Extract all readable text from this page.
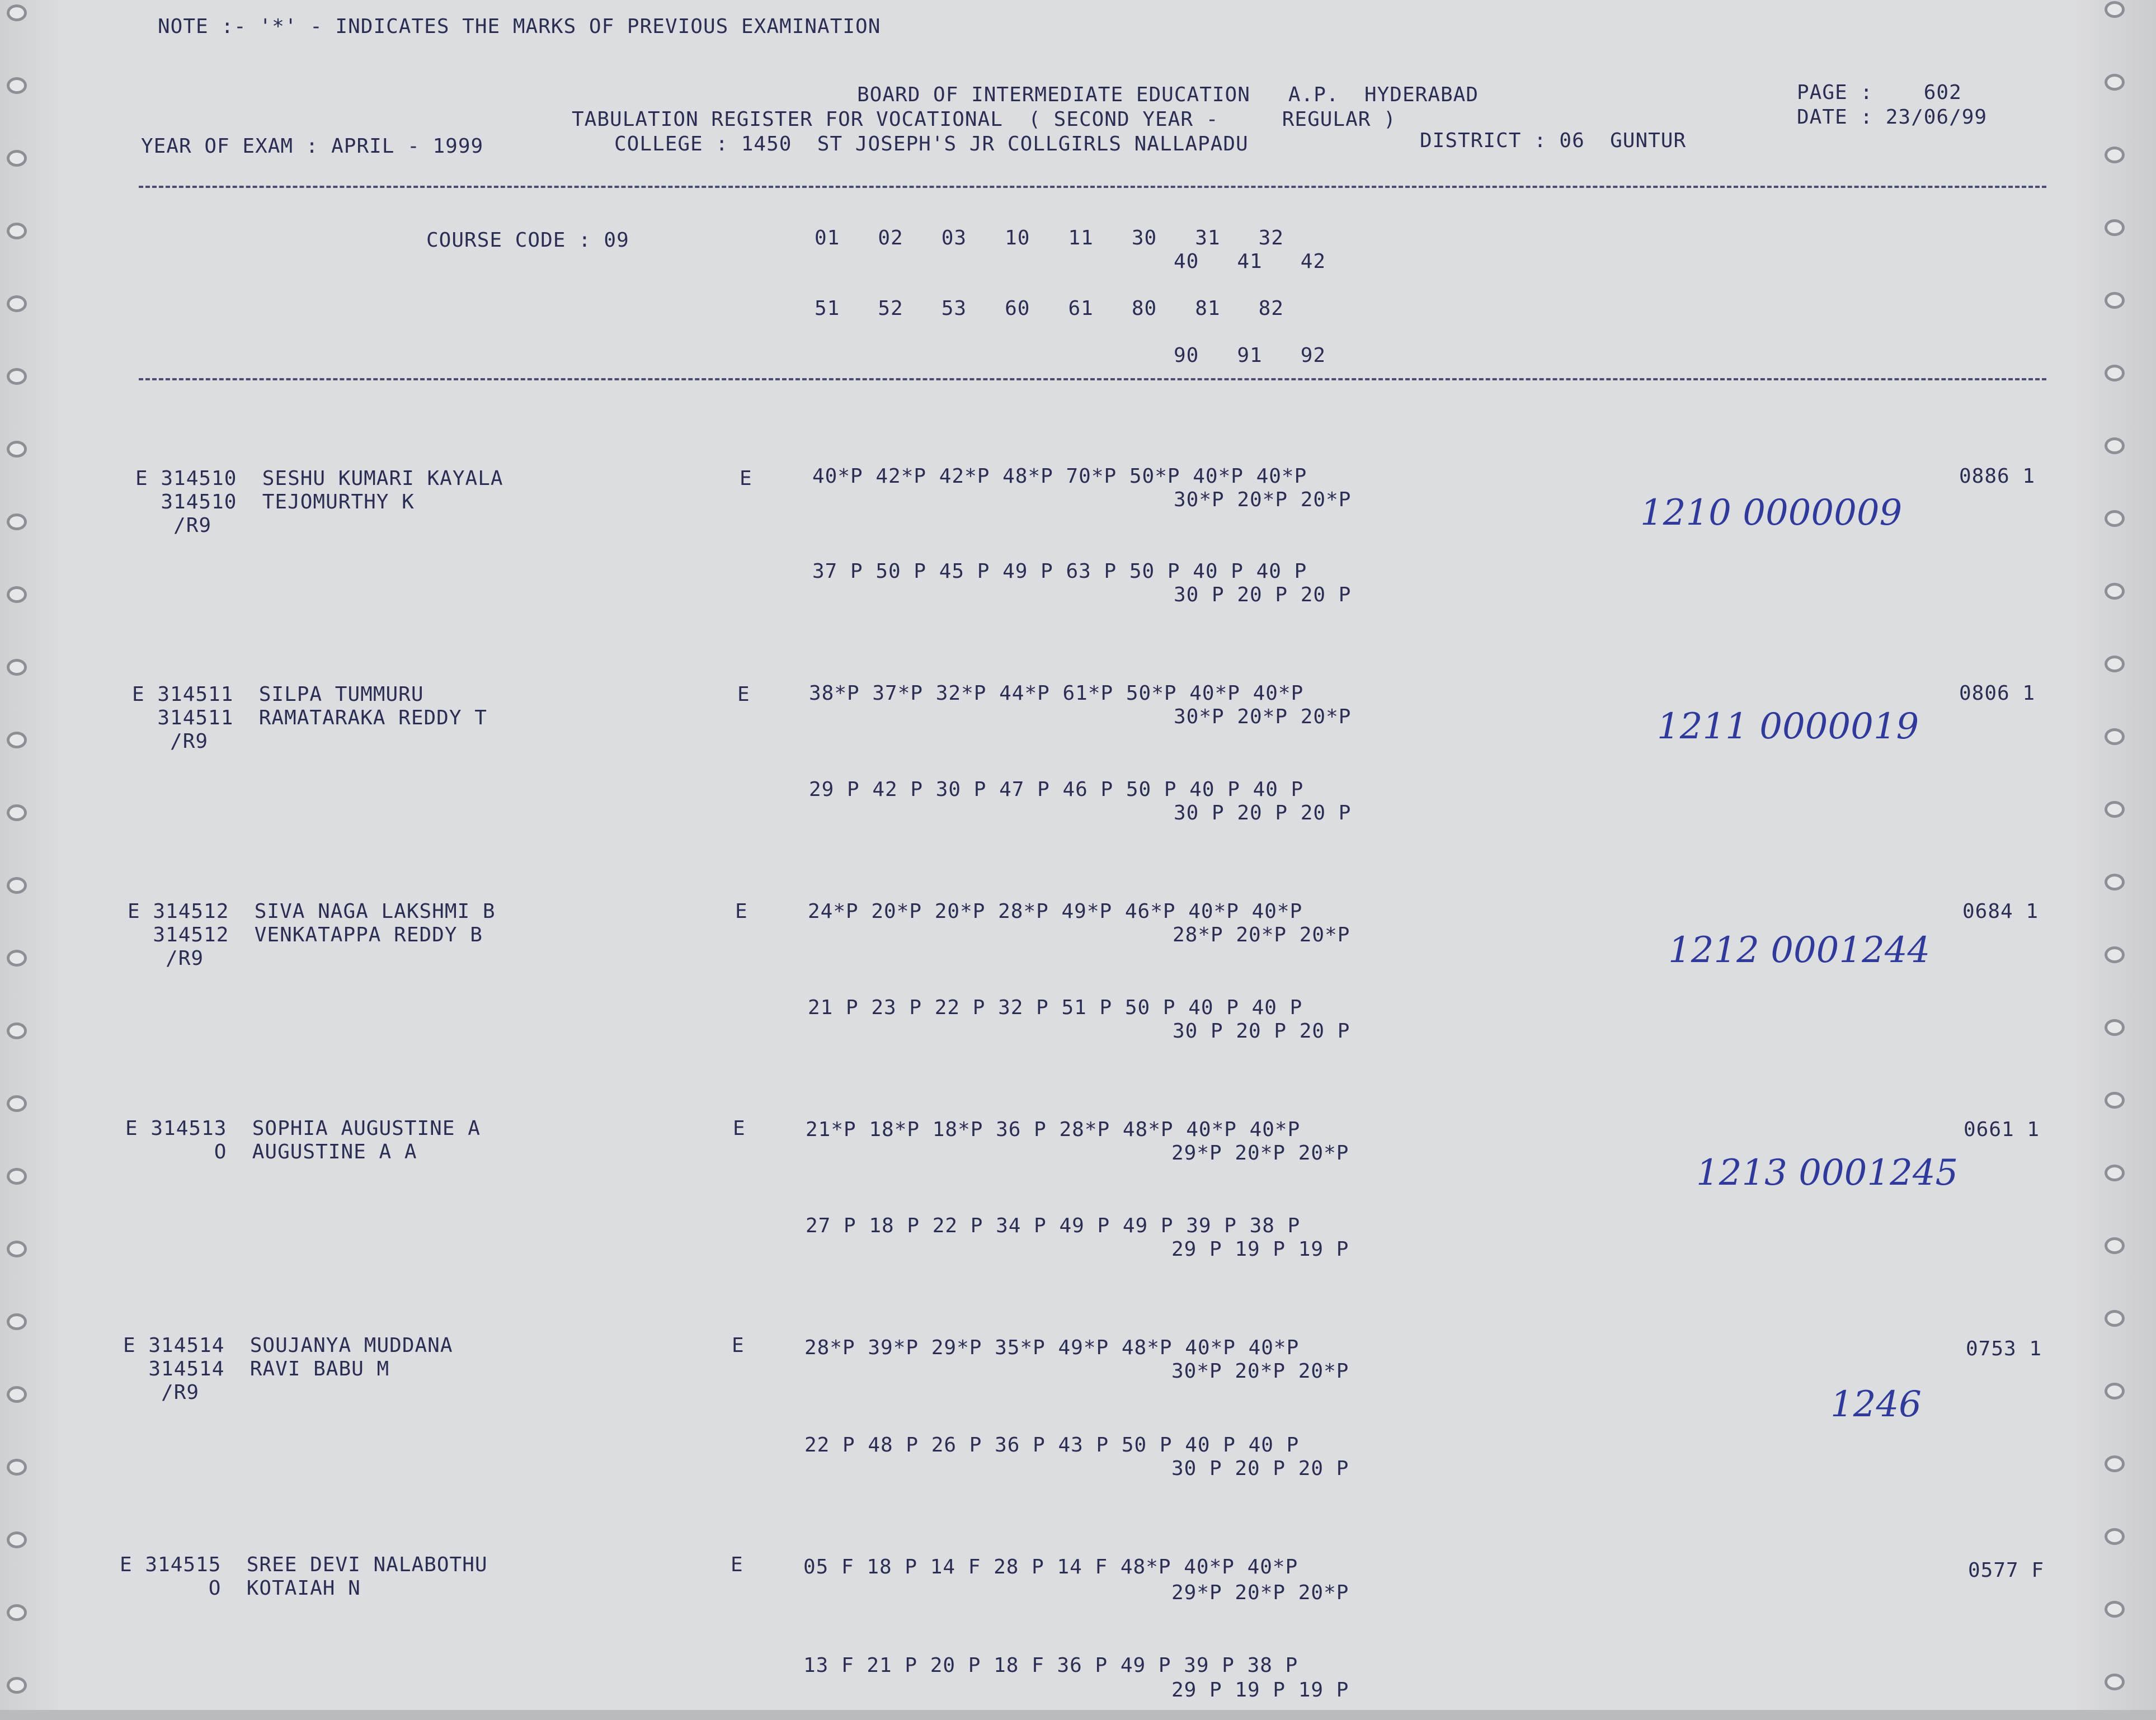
NOTE :- '*' - INDICATES THE MARKS OF PREVIOUS EXAMINATION
BOARD OF INTERMEDIATE EDUCATION   A.P.  HYDERABAD
TABULATION REGISTER FOR VOCATIONAL  ( SECOND YEAR -     REGULAR )
YEAR OF EXAM : APRIL - 1999	COLLEGE : 1450  ST JOSEPH'S JR COLLGIRLS NALLAPADU	DISTRICT : 06  GUNTUR
PAGE :    602
DATE : 23/06/99
COURSE CODE : 09	01   02   03   10   11   30   31   32
40   41   42
51   52   53   60   61   80   81   82
90   91   92
E 314510  SESHU KUMARI KAYALA
314510  TEJOMURTHY K
/R9
E	40*P 42*P 42*P 48*P 70*P 50*P 40*P 40*P
30*P 20*P 20*P
37 P 50 P 45 P 49 P 63 P 50 P 40 P 40 P
30 P 20 P 20 P
0886 1
1210 0000009
E 314511  SILPA TUMMURU
314511  RAMATARAKA REDDY T
/R9
E	38*P 37*P 32*P 44*P 61*P 50*P 40*P 40*P
30*P 20*P 20*P
29 P 42 P 30 P 47 P 46 P 50 P 40 P 40 P
30 P 20 P 20 P
0806 1
1211 0000019
E 314512  SIVA NAGA LAKSHMI B
314512  VENKATAPPA REDDY B
/R9
E	24*P 20*P 20*P 28*P 49*P 46*P 40*P 40*P
28*P 20*P 20*P
21 P 23 P 22 P 32 P 51 P 50 P 40 P 40 P
30 P 20 P 20 P
0684 1
1212 0001244
E 314513  SOPHIA AUGUSTINE A
O  AUGUSTINE A A
E	21*P 18*P 18*P 36 P 28*P 48*P 40*P 40*P
29*P 20*P 20*P
27 P 18 P 22 P 34 P 49 P 49 P 39 P 38 P
29 P 19 P 19 P
0661 1
1213 0001245
E 314514  SOUJANYA MUDDANA
314514  RAVI BABU M
/R9
E	28*P 39*P 29*P 35*P 49*P 48*P 40*P 40*P
30*P 20*P 20*P
22 P 48 P 26 P 36 P 43 P 50 P 40 P 40 P
30 P 20 P 20 P
0753 1
1246
E 314515  SREE DEVI NALABOTHU
O  KOTAIAH N
E	05 F 18 P 14 F 28 P 14 F 48*P 40*P 40*P
29*P 20*P 20*P
13 F 21 P 20 P 18 F 36 P 49 P 39 P 38 P
29 P 19 P 19 P
0577 F
